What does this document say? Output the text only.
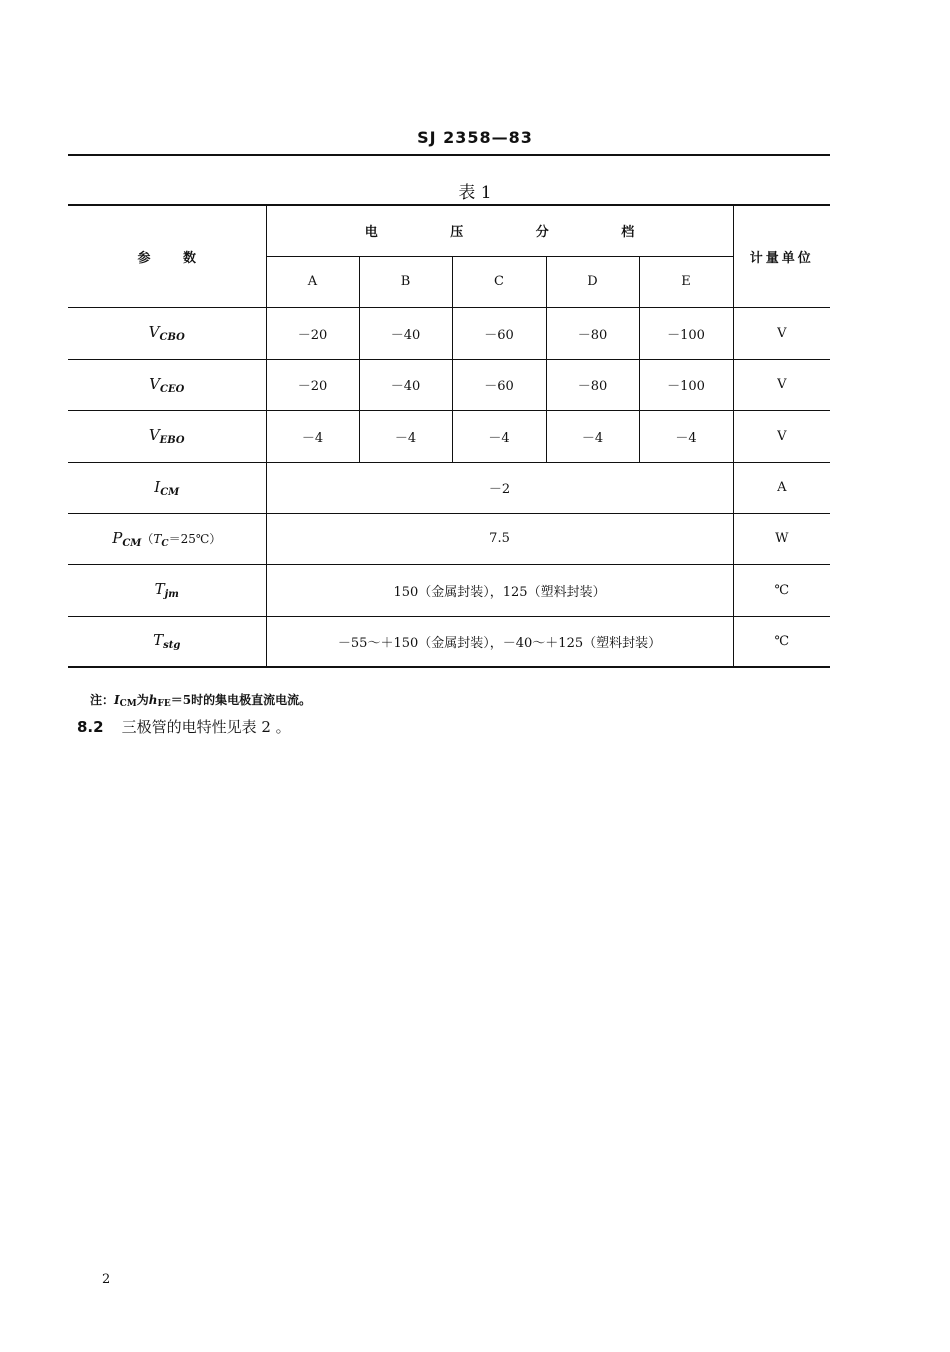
SJ 2358—83
表 1
参 数	电 压 分 档					计量单位
	A	B	C	D	E	
$V_{CBO}$	－20	－40	－60	－80	－100	V
$V_{CEO}$	－20	－40	－60	－80	－100	V
$V_{EBO}$	－4	－4	－4	－4	－4	V
$I_{CM}$	－2					A
$P_{CM}(T_C=25℃)$	7.5					W
$T_{jm}$	150（金属封装），125（塑料封装）					℃
$T_{stg}$	－55～＋150（金属封装），－40～＋125（塑料封装）					℃
注：$I_{CM}$为$h_{FE}=5$时的集电极直流电流。
8.2 三极管的电特性见表 2 。
2
